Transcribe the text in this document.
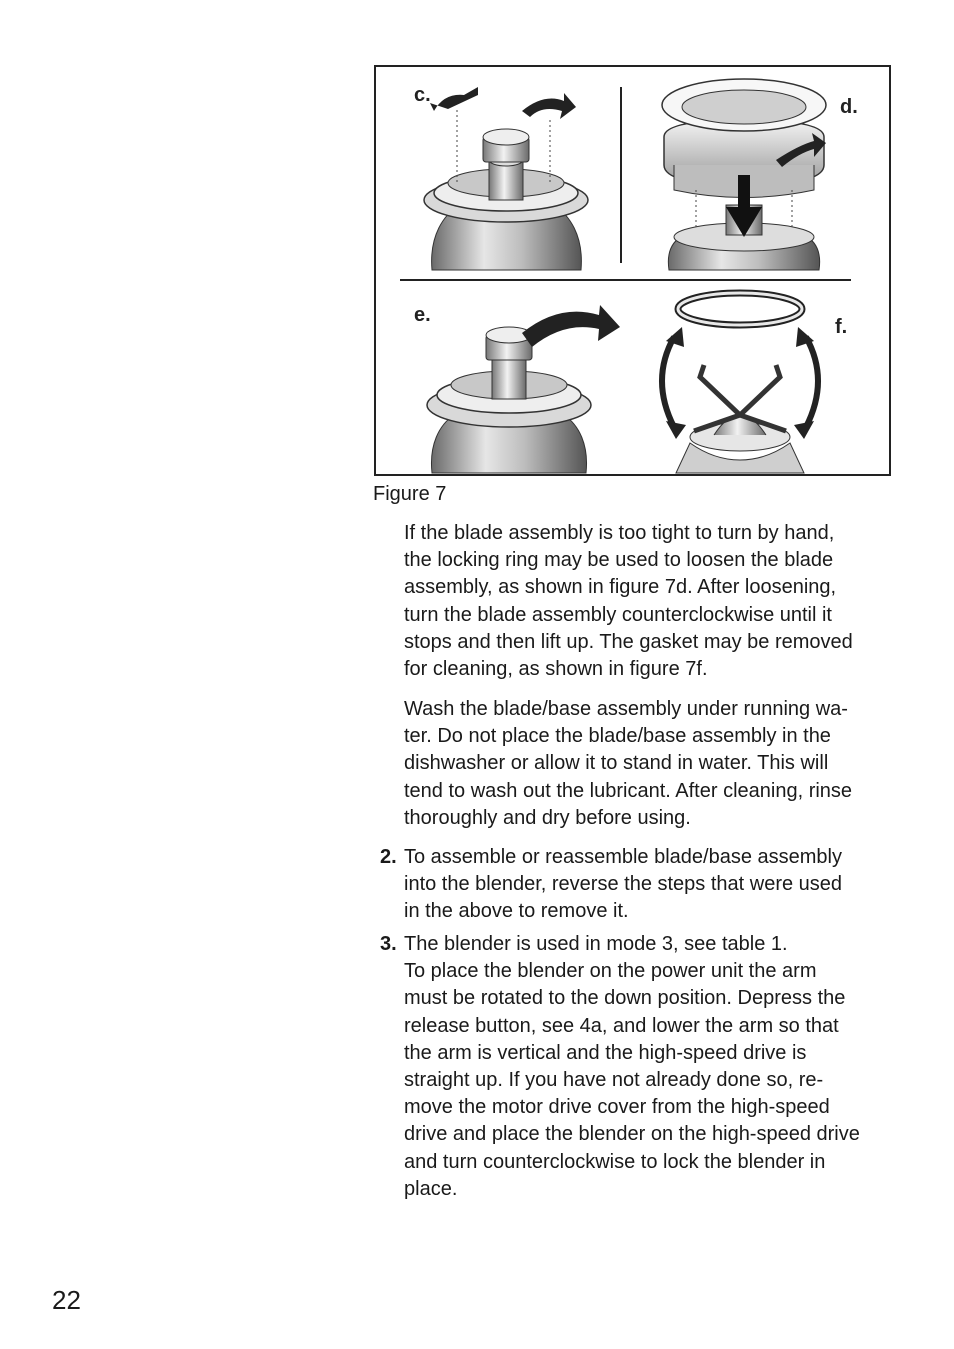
c.
d.
e.
f.
Figure 7
If the blade assembly is too tight to turn by hand,
the locking ring may be used to loosen the blade
assembly, as shown in figure 7d. After loosening,
turn the blade assembly counterclockwise until it
stops and then lift up. The gasket may be removed
for cleaning, as shown in figure 7f.
Wash the blade/base assembly under running wa-
ter. Do not place the blade/base assembly in the
dishwasher or allow it to stand in water. This will
tend to wash out the lubricant. After cleaning, rinse
thoroughly and dry before using.
2. To assemble or reassemble blade/base assembly
into the blender, reverse the steps that were used
in the above to remove it.
3. The blender is used in mode 3, see table 1.
To place the blender on the power unit the arm
must be rotated to the down position. Depress the
release button, see 4a, and lower the arm so that
the arm is vertical and the high-speed drive is
straight up. If you have not already done so, re-
move the motor drive cover from the high-speed
drive and place the blender on the high-speed drive
and turn counterclockwise to lock the blender in
place.
22
